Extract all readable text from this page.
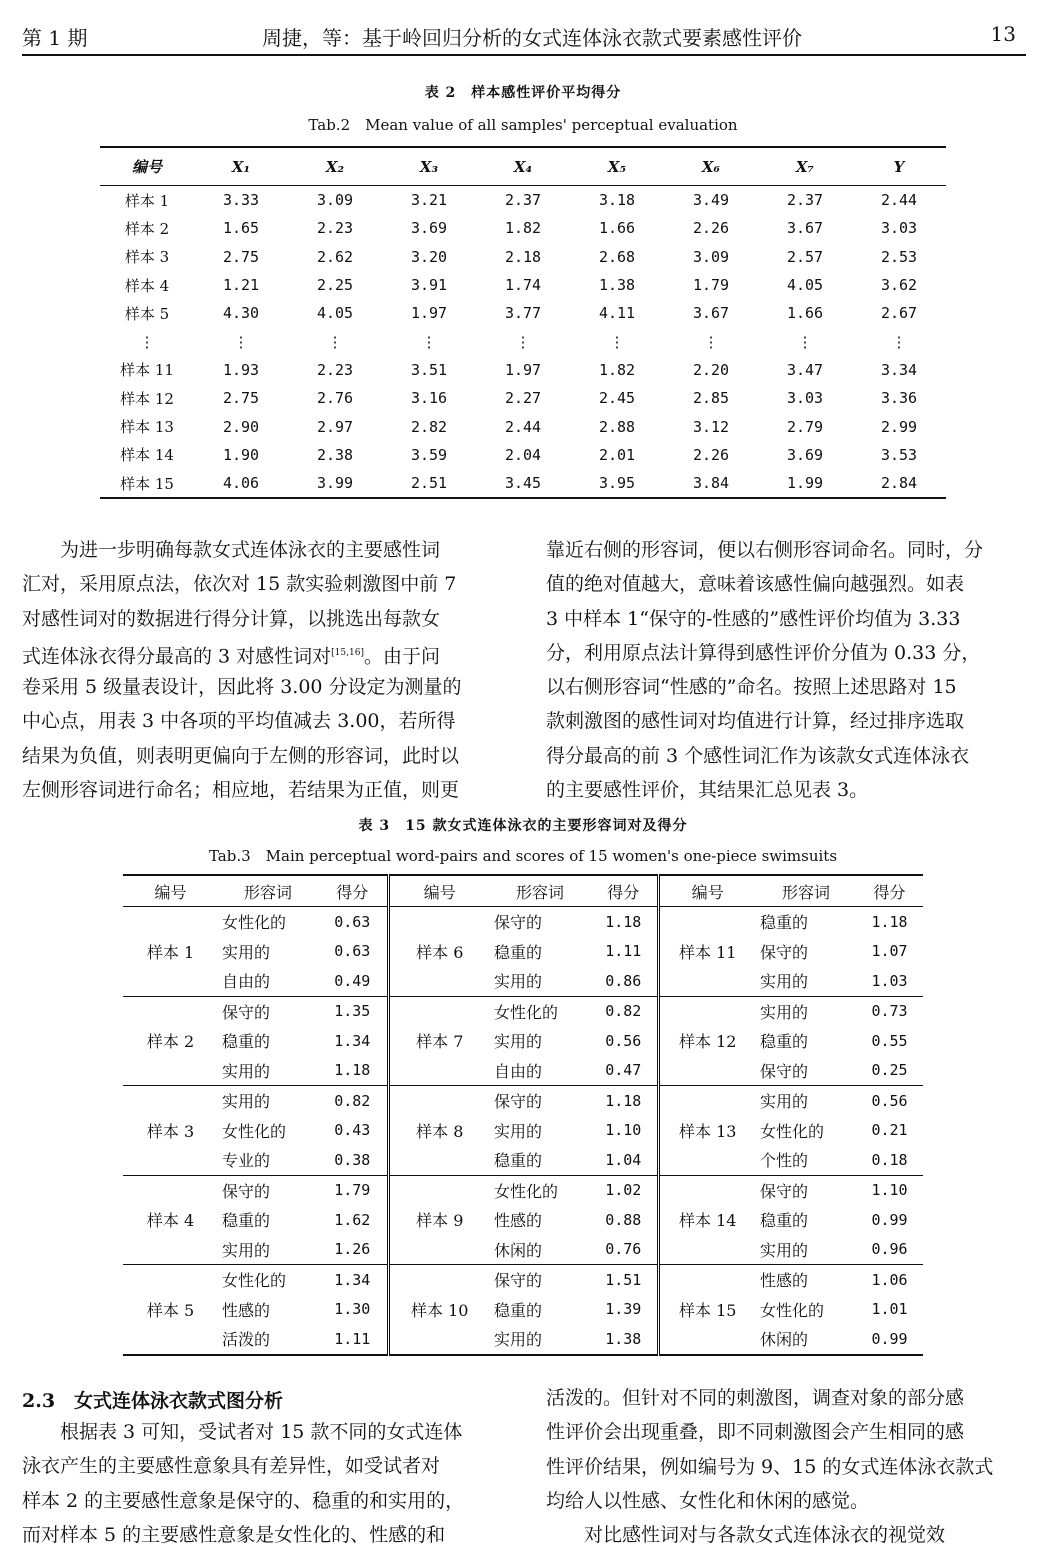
第 1 期	周捷，等：基于岭回归分析的女式连体泳衣款式要素感性评价	13
表 2　样本感性评价平均得分
Tab.2　Mean value of all samples' perceptual evaluation
编号	X₁	X₂	X₃	X₄	X₅	X₆	X₇	Y
样本 1	3.33	3.09	3.21	2.37	3.18	3.49	2.37	2.44
样本 2	1.65	2.23	3.69	1.82	1.66	2.26	3.67	3.03
样本 3	2.75	2.62	3.20	2.18	2.68	3.09	2.57	2.53
样本 4	1.21	2.25	3.91	1.74	1.38	1.79	4.05	3.62
样本 5	4.30	4.05	1.97	3.77	4.11	3.67	1.66	2.67
⋮	⋮	⋮	⋮	⋮	⋮	⋮	⋮	⋮
样本 11	1.93	2.23	3.51	1.97	1.82	2.20	3.47	3.34
样本 12	2.75	2.76	3.16	2.27	2.45	2.85	3.03	3.36
样本 13	2.90	2.97	2.82	2.44	2.88	3.12	2.79	2.99
样本 14	1.90	2.38	3.59	2.04	2.01	2.26	3.69	3.53
样本 15	4.06	3.99	2.51	3.45	3.95	3.84	1.99	2.84
　　为进一步明确每款女式连体泳衣的主要感性词
汇对，采用原点法，依次对 15 款实验刺激图中前 7
对感性词对的数据进行得分计算，以挑选出每款女
式连体泳衣得分最高的 3 对感性词对[15,16]。由于问
卷采用 5 级量表设计，因此将 3.00 分设定为测量的
中心点，用表 3 中各项的平均值减去 3.00，若所得
结果为负值，则表明更偏向于左侧的形容词，此时以
左侧形容词进行命名；相应地，若结果为正值，则更
靠近右侧的形容词，便以右侧形容词命名。同时，分
值的绝对值越大，意味着该感性偏向越强烈。如表
3 中样本 1“保守的-性感的”感性评价均值为 3.33
分，利用原点法计算得到感性评价分值为 0.33 分，
以右侧形容词“性感的”命名。按照上述思路对 15
款刺激图的感性词对均值进行计算，经过排序选取
得分最高的前 3 个感性词汇作为该款女式连体泳衣
的主要感性评价，其结果汇总见表 3。
表 3　15 款女式连体泳衣的主要形容词对及得分
Tab.3　Main perceptual word-pairs and scores of 15 women's one-piece swimsuits
编号	形容词	得分	编号	形容词	得分	编号	形容词	得分
样本 1	女性化的	0.63	样本 6	保守的	1.18	样本 11	稳重的	1.18
	实用的	0.63		稳重的	1.11		保守的	1.07
	自由的	0.49		实用的	0.86		实用的	1.03
样本 2	保守的	1.35	样本 7	女性化的	0.82	样本 12	实用的	0.73
	稳重的	1.34		实用的	0.56		稳重的	0.55
	实用的	1.18		自由的	0.47		保守的	0.25
样本 3	实用的	0.82	样本 8	保守的	1.18	样本 13	实用的	0.56
	女性化的	0.43		实用的	1.10		女性化的	0.21
	专业的	0.38		稳重的	1.04		个性的	0.18
样本 4	保守的	1.79	样本 9	女性化的	1.02	样本 14	保守的	1.10
	稳重的	1.62		性感的	0.88		稳重的	0.99
	实用的	1.26		休闲的	0.76		实用的	0.96
样本 5	女性化的	1.34	样本 10	保守的	1.51	样本 15	性感的	1.06
	性感的	1.30		稳重的	1.39		女性化的	1.01
	活泼的	1.11		实用的	1.38		休闲的	0.99
2.3　女式连体泳衣款式图分析
　　根据表 3 可知，受试者对 15 款不同的女式连体
泳衣产生的主要感性意象具有差异性，如受试者对
样本 2 的主要感性意象是保守的、稳重的和实用的，
而对样本 5 的主要感性意象是女性化的、性感的和
活泼的。但针对不同的刺激图，调查对象的部分感
性评价会出现重叠，即不同刺激图会产生相同的感
性评价结果，例如编号为 9、15 的女式连体泳衣款式
均给人以性感、女性化和休闲的感觉。
　　对比感性词对与各款女式连体泳衣的视觉效
